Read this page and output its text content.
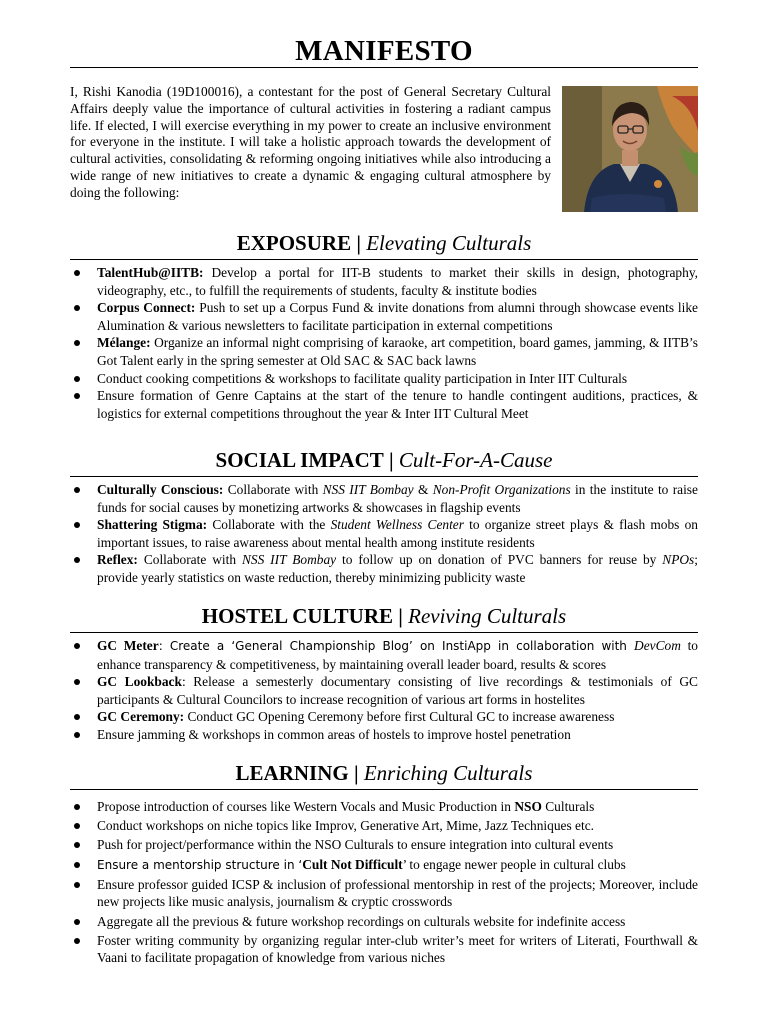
MANIFESTO
I, Rishi Kanodia (19D100016), a contestant for the post of General Secretary Cultural Affairs deeply value the importance of cultural activities in fostering a radiant campus life. If elected, I will exercise everything in my power to create an inclusive environment for everyone in the institute. I will take a holistic approach towards the development of cultural activities, consolidating & reforming ongoing initiatives while also introducing a wide range of new initiatives to create a dynamic & engaging cultural atmosphere by doing the following:
EXPOSURE | Elevating Culturals
TalentHub@IITB: Develop a portal for IIT-B students to market their skills in design, photography, videography, etc., to fulfill the requirements of students, faculty & institute bodies
Corpus Connect: Push to set up a Corpus Fund & invite donations from alumni through showcase events like Alumination & various newsletters to facilitate participation in external competitions
Mélange: Organize an informal night comprising of karaoke, art competition, board games, jamming, & IITB’s Got Talent early in the spring semester at Old SAC & SAC back lawns
Conduct cooking competitions & workshops to facilitate quality participation in Inter IIT Culturals
Ensure formation of Genre Captains at the start of the tenure to handle contingent auditions, practices, & logistics for external competitions throughout the year & Inter IIT Cultural Meet
SOCIAL IMPACT | Cult-For-A-Cause
Culturally Conscious: Collaborate with NSS IIT Bombay & Non-Profit Organizations in the institute to raise funds for social causes by monetizing artworks & showcases in flagship events
Shattering Stigma: Collaborate with the Student Wellness Center to organize street plays & flash mobs on important issues, to raise awareness about mental health among institute residents
Reflex: Collaborate with NSS IIT Bombay to follow up on donation of PVC banners for reuse by NPOs; provide yearly statistics on waste reduction, thereby minimizing publicity waste
HOSTEL CULTURE | Reviving Culturals
GC Meter: Create a ‘General Championship Blog’ on InstiApp in collaboration with DevCom to enhance transparency & competitiveness, by maintaining overall leader board, results & scores
GC Lookback: Release a semesterly documentary consisting of live recordings & testimonials of GC participants & Cultural Councilors to increase recognition of various art forms in hostelites
GC Ceremony: Conduct GC Opening Ceremony before first Cultural GC to increase awareness
Ensure jamming & workshops in common areas of hostels to improve hostel penetration
LEARNING | Enriching Culturals
Propose introduction of courses like Western Vocals and Music Production in NSO Culturals
Conduct workshops on niche topics like Improv, Generative Art, Mime, Jazz Techniques etc.
Push for project/performance within the NSO Culturals to ensure integration into cultural events
Ensure a mentorship structure in ‘Cult Not Difficult’ to engage newer people in cultural clubs
Ensure professor guided ICSP & inclusion of professional mentorship in rest of the projects; Moreover, include new projects like music analysis, journalism & cryptic crosswords
Aggregate all the previous & future workshop recordings on culturals website for indefinite access
Foster writing community by organizing regular inter-club writer’s meet for writers of Literati, Fourthwall & Vaani to facilitate propagation of knowledge from various niches
